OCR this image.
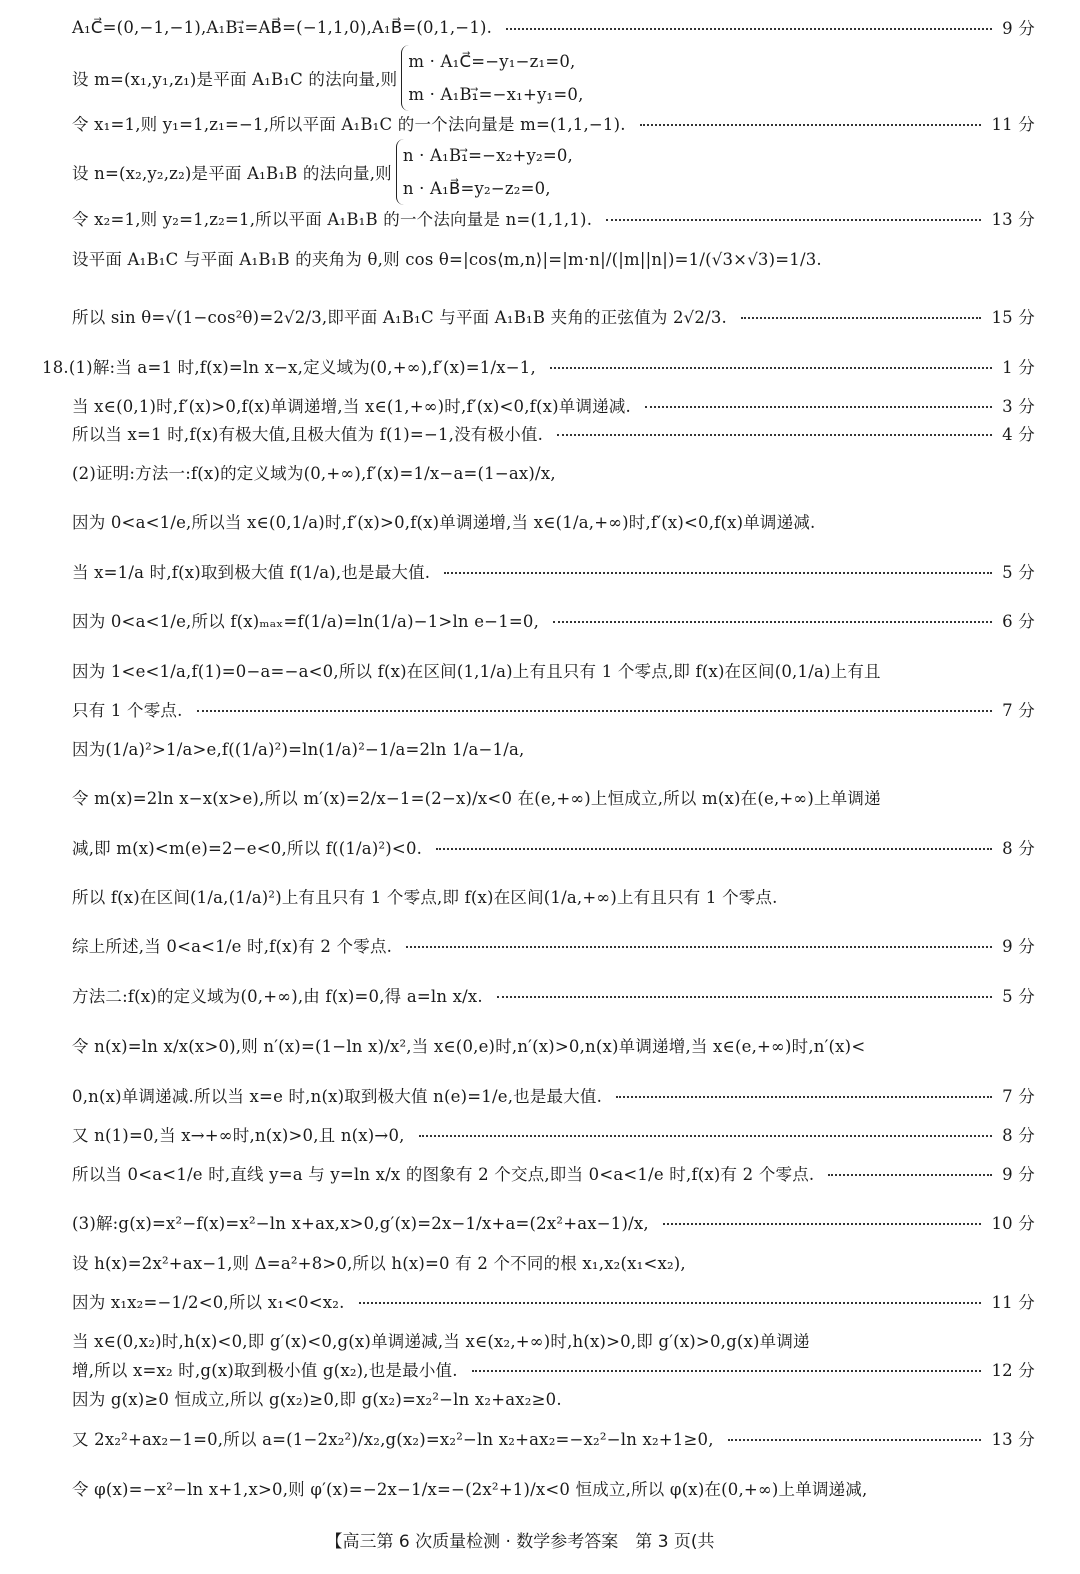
A₁C⃗=(0,−1,−1),A₁B₁⃗=AB⃗=(−1,1,0),A₁B⃗=(0,1,−1).	9 分
设 m=(x₁,y₁,z₁)是平面 A₁B₁C 的法向量,则
m · A₁C⃗=−y₁−z₁=0,
m · A₁B₁⃗=−x₁+y₁=0,
令 x₁=1,则 y₁=1,z₁=−1,所以平面 A₁B₁C 的一个法向量是 m=(1,1,−1).	11 分
设 n=(x₂,y₂,z₂)是平面 A₁B₁B 的法向量,则
n · A₁B₁⃗=−x₂+y₂=0,
n · A₁B⃗=y₂−z₂=0,
令 x₂=1,则 y₂=1,z₂=1,所以平面 A₁B₁B 的一个法向量是 n=(1,1,1).	13 分
设平面 A₁B₁C 与平面 A₁B₁B 的夹角为 θ,则 cos θ=|cos⟨m,n⟩|=|m·n|/(|m||n|)=1/(√3×√3)=1/3.
所以 sin θ=√(1−cos²θ)=2√2/3,即平面 A₁B₁C 与平面 A₁B₁B 夹角的正弦值为 2√2/3.	15 分
18.(1)解:当 a=1 时,f(x)=ln x−x,定义域为(0,+∞),f′(x)=1/x−1,	1 分
当 x∈(0,1)时,f′(x)>0,f(x)单调递增,当 x∈(1,+∞)时,f′(x)<0,f(x)单调递减.	3 分
所以当 x=1 时,f(x)有极大值,且极大值为 f(1)=−1,没有极小值.	4 分
(2)证明:方法一:f(x)的定义域为(0,+∞),f′(x)=1/x−a=(1−ax)/x,
因为 0<a<1/e,所以当 x∈(0,1/a)时,f′(x)>0,f(x)单调递增,当 x∈(1/a,+∞)时,f′(x)<0,f(x)单调递减.
当 x=1/a 时,f(x)取到极大值 f(1/a),也是最大值.	5 分
因为 0<a<1/e,所以 f(x)ₘₐₓ=f(1/a)=ln(1/a)−1>ln e−1=0,	6 分
因为 1<e<1/a,f(1)=0−a=−a<0,所以 f(x)在区间(1,1/a)上有且只有 1 个零点,即 f(x)在区间(0,1/a)上有且
只有 1 个零点.	7 分
因为(1/a)²>1/a>e,f((1/a)²)=ln(1/a)²−1/a=2ln 1/a−1/a,
令 m(x)=2ln x−x(x>e),所以 m′(x)=2/x−1=(2−x)/x<0 在(e,+∞)上恒成立,所以 m(x)在(e,+∞)上单调递
减,即 m(x)<m(e)=2−e<0,所以 f((1/a)²)<0.	8 分
所以 f(x)在区间(1/a,(1/a)²)上有且只有 1 个零点,即 f(x)在区间(1/a,+∞)上有且只有 1 个零点.
综上所述,当 0<a<1/e 时,f(x)有 2 个零点.	9 分
方法二:f(x)的定义域为(0,+∞),由 f(x)=0,得 a=ln x/x.	5 分
令 n(x)=ln x/x(x>0),则 n′(x)=(1−ln x)/x²,当 x∈(0,e)时,n′(x)>0,n(x)单调递增,当 x∈(e,+∞)时,n′(x)<
0,n(x)单调递减.所以当 x=e 时,n(x)取到极大值 n(e)=1/e,也是最大值.	7 分
又 n(1)=0,当 x→+∞时,n(x)>0,且 n(x)→0,	8 分
所以当 0<a<1/e 时,直线 y=a 与 y=ln x/x 的图象有 2 个交点,即当 0<a<1/e 时,f(x)有 2 个零点.	9 分
(3)解:g(x)=x²−f(x)=x²−ln x+ax,x>0,g′(x)=2x−1/x+a=(2x²+ax−1)/x,	10 分
设 h(x)=2x²+ax−1,则 Δ=a²+8>0,所以 h(x)=0 有 2 个不同的根 x₁,x₂(x₁<x₂),
因为 x₁x₂=−1/2<0,所以 x₁<0<x₂.	11 分
当 x∈(0,x₂)时,h(x)<0,即 g′(x)<0,g(x)单调递减,当 x∈(x₂,+∞)时,h(x)>0,即 g′(x)>0,g(x)单调递
增,所以 x=x₂ 时,g(x)取到极小值 g(x₂),也是最小值.	12 分
因为 g(x)≥0 恒成立,所以 g(x₂)≥0,即 g(x₂)=x₂²−ln x₂+ax₂≥0.
又 2x₂²+ax₂−1=0,所以 a=(1−2x₂²)/x₂,g(x₂)=x₂²−ln x₂+ax₂=−x₂²−ln x₂+1≥0,	13 分
令 φ(x)=−x²−ln x+1,x>0,则 φ′(x)=−2x−1/x=−(2x²+1)/x<0 恒成立,所以 φ(x)在(0,+∞)上单调递减,
【高三第 6 次质量检测 · 数学参考答案　第 3 页(共
